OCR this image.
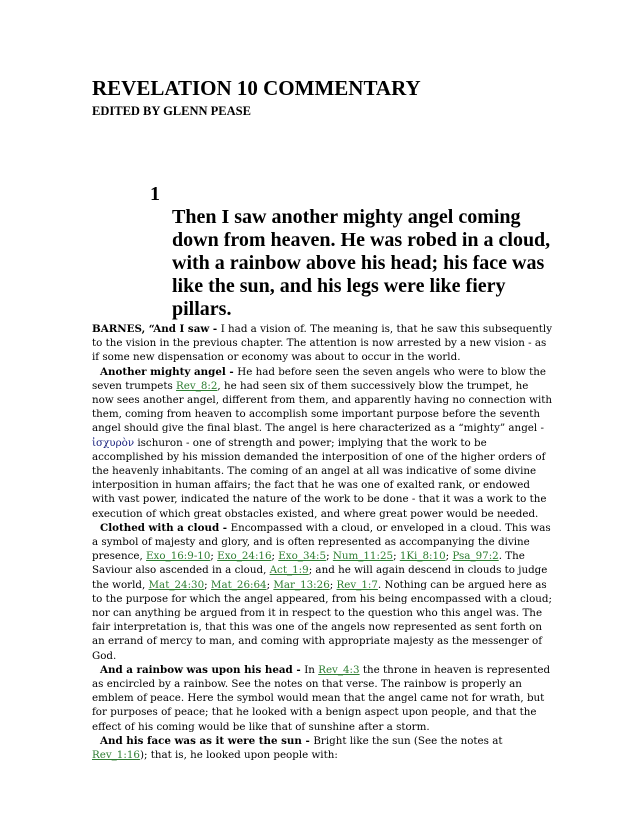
REVELATION 10 COMMENTARY
EDITED BY GLENN PEASE
1

Then I saw another mighty angel coming down from heaven. He was robed in a cloud, with a rainbow above his head; his face was like the sun, and his legs were like fiery pillars.

BARNES, “And I saw - I had a vision of. The meaning is, that he saw this subsequently to the vision in the previous chapter. The attention is now arrested by a new vision - as if some new dispensation or economy was about to occur in the world.

Another mighty angel - He had before seen the seven angels who were to blow the seven trumpets Rev_8:2, he had seen six of them successively blow the trumpet, he now sees another angel, different from them, and apparently having no connection with them, coming from heaven to accomplish some important purpose before the seventh angel should give the final blast. The angel is here characterized as a “mighty” angel - ἰσχυρὸν ischuron - one of strength and power; implying that the work to be accomplished by his mission demanded the interposition of one of the higher orders of the heavenly inhabitants. The coming of an angel at all was indicative of some divine interposition in human affairs; the fact that he was one of exalted rank, or endowed with vast power, indicated the nature of the work to be done - that it was a work to the execution of which great obstacles existed, and where great power would be needed.

Clothed with a cloud - Encompassed with a cloud, or enveloped in a cloud. This was a symbol of majesty and glory, and is often represented as accompanying the divine presence, Exo_16:9-10; Exo_24:16; Exo_34:5; Num_11:25; 1Ki_8:10; Psa_97:2. The Saviour also ascended in a cloud, Act_1:9; and he will again descend in clouds to judge the world, Mat_24:30; Mat_26:64; Mar_13:26; Rev_1:7. Nothing can be argued here as to the purpose for which the angel appeared, from his being encompassed with a cloud; nor can anything be argued from it in respect to the question who this angel was. The fair interpretation is, that this was one of the angels now represented as sent forth on an errand of mercy to man, and coming with appropriate majesty as the messenger of God.

And a rainbow was upon his head - In Rev_4:3 the throne in heaven is represented as encircled by a rainbow. See the notes on that verse. The rainbow is properly an emblem of peace. Here the symbol would mean that the angel came not for wrath, but for purposes of peace; that he looked with a benign aspect upon people, and that the effect of his coming would be like that of sunshine after a storm.

And his face was as it were the sun - Bright like the sun (See the notes at Rev_1:16); that is, he looked upon people with:
